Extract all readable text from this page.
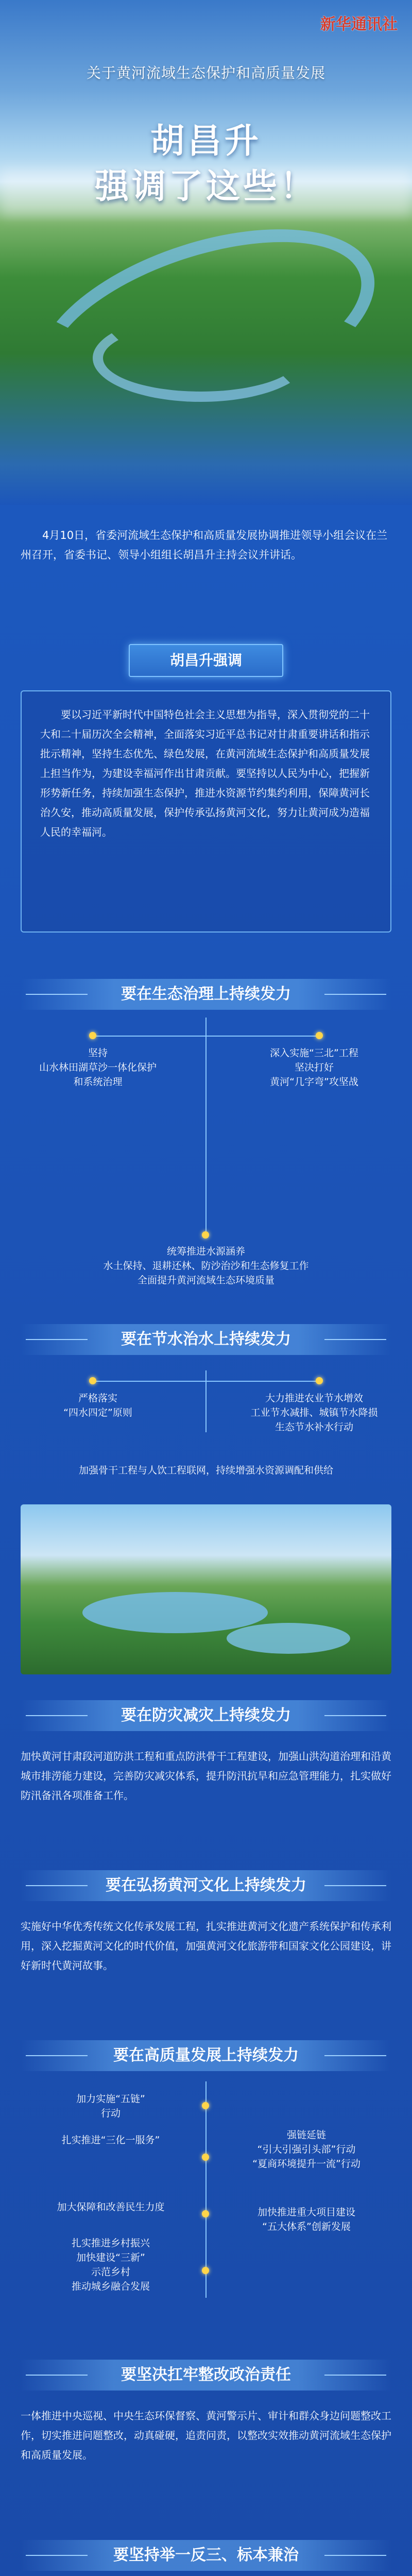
新华通讯社
关于黄河流域生态保护和高质量发展
胡昌升
强调了这些！
4月10日，省委河流域生态保护和高质量发展协调推进领导小组会议在兰州召开，省委书记、领导小组组长胡昌升主持会议并讲话。
胡昌升强调
要以习近平新时代中国特色社会主义思想为指导，深入贯彻党的二十大和二十届历次全会精神，全面落实习近平总书记对甘肃重要讲话和指示批示精神，坚持生态优先、绿色发展，在黄河流域生态保护和高质量发展上担当作为，为建设幸福河作出甘肃贡献。要坚持以人民为中心，把握新形势新任务，持续加强生态保护，推进水资源节约集约利用，保障黄河长治久安，推动高质量发展，保护传承弘扬黄河文化，努力让黄河成为造福人民的幸福河。
要在生态治理上持续发力
坚持
山水林田湖草沙一体化保护
和系统治理
深入实施“三北”工程
坚决打好
黄河“几字弯”攻坚战
统筹推进水源涵养
水土保持、退耕还林、防沙治沙和生态修复工作
全面提升黄河流域生态环境质量
要在节水治水上持续发力
严格落实
“四水四定”原则
大力推进农业节水增效
工业节水减排、城镇节水降损
生态节水补水行动
加强骨干工程与人饮工程联网，持续增强水资源调配和供给
要在防灾减灾上持续发力
加快黄河甘肃段河道防洪工程和重点防洪骨干工程建设，加强山洪沟道治理和沿黄城市排涝能力建设，完善防灾减灾体系，提升防汛抗旱和应急管理能力，扎实做好防汛备汛各项准备工作。
要在弘扬黄河文化上持续发力
实施好中华优秀传统文化传承发展工程，扎实推进黄河文化遗产系统保护和传承利用，深入挖掘黄河文化的时代价值，加强黄河文化旅游带和国家文化公园建设，讲好新时代黄河故事。
要在高质量发展上持续发力
加力实施“五链”
行动
扎实推进“三化一服务”
加大保障和改善民生力度
扎实推进乡村振兴
加快建设“三新”
示范乡村
推动城乡融合发展
强链延链
“引大引强引头部”行动
“夏商环境提升一流”行动
加快推进重大项目建设
“五大体系”创新发展
要坚决扛牢整改政治责任
一体推进中央巡视、中央生态环保督察、黄河警示片、审计和群众身边问题整改工作，切实推进问题整改，动真碰硬，追责问责，以整改实效推动黄河流域生态保护和高质量发展。
要坚持举一反三、标本兼治
